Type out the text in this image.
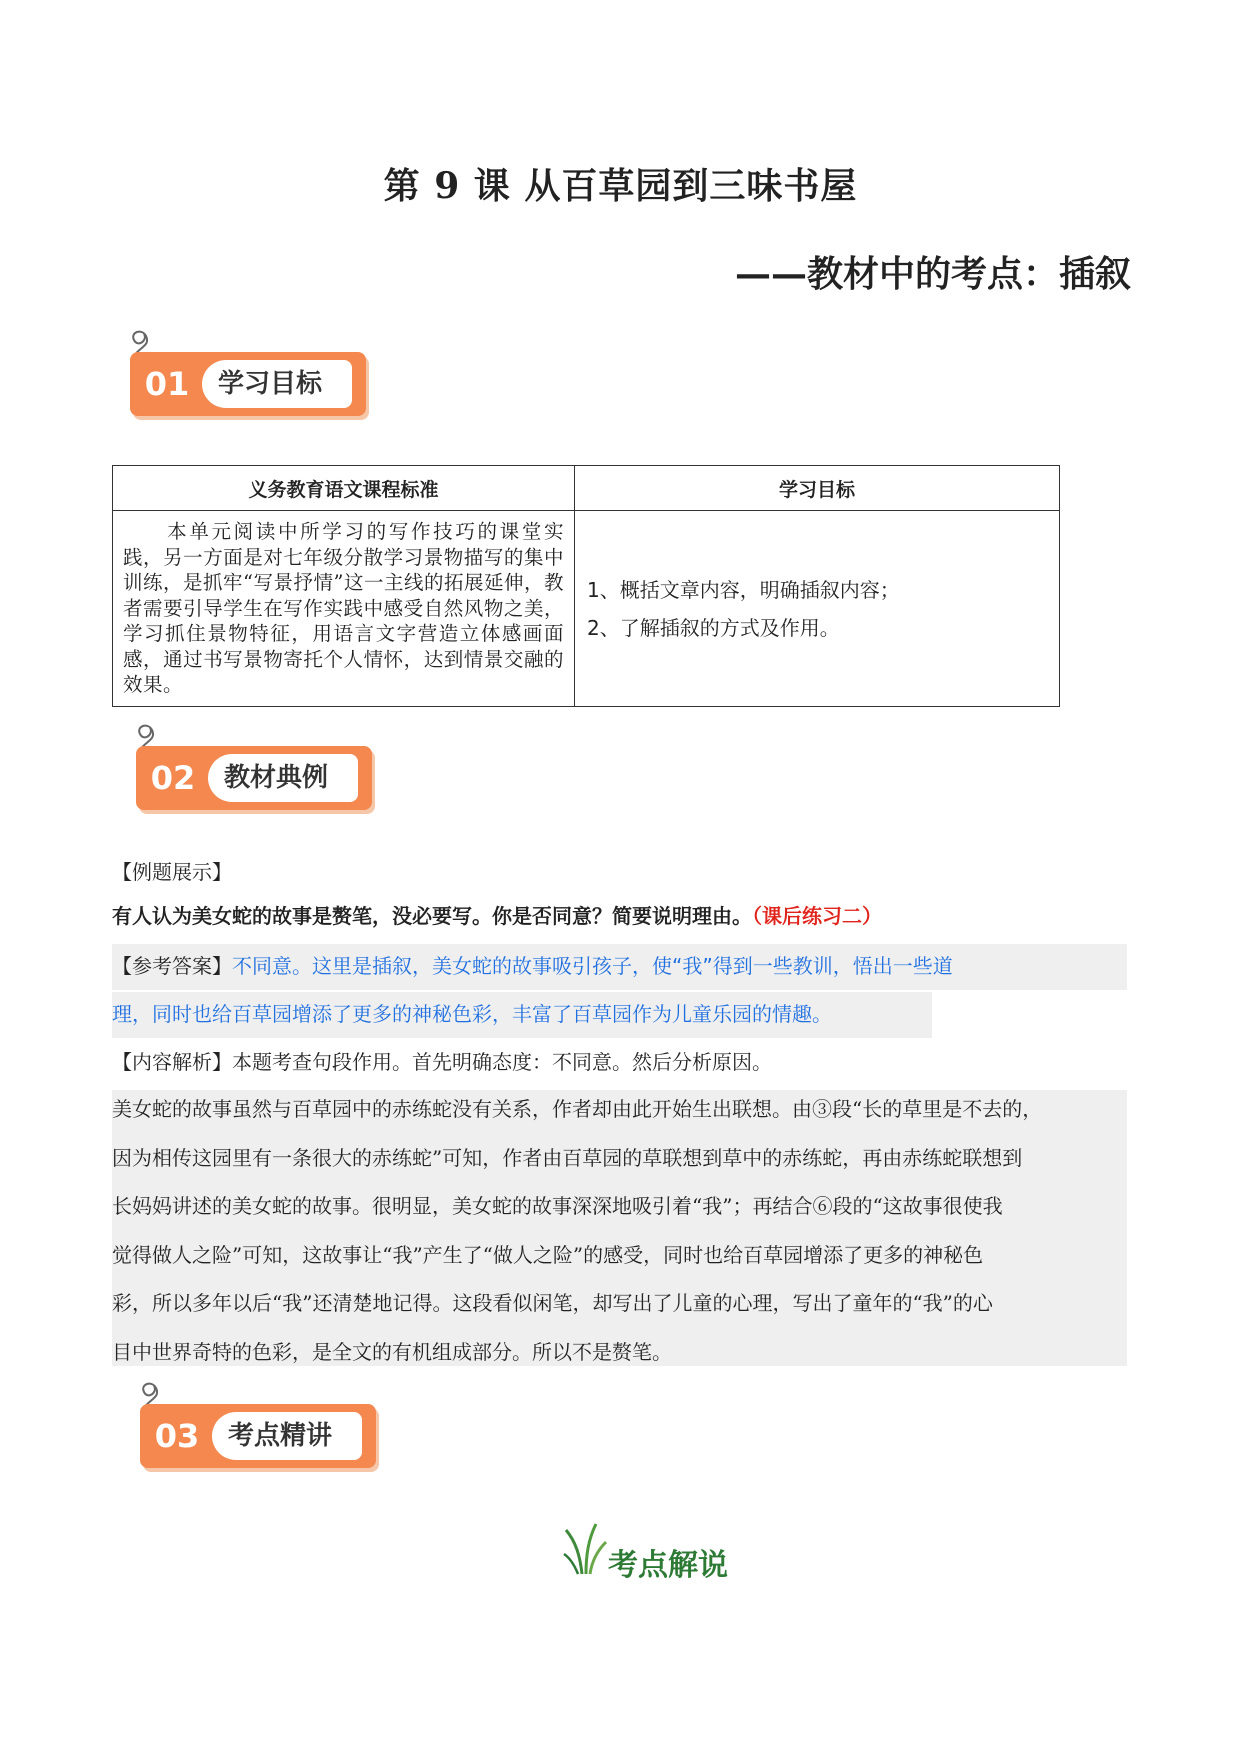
第 9 课 从百草园到三味书屋
——教材中的考点：插叙
01	学习目标
义务教育语文课程标准	学习目标
本单元阅读中所学习的写作技巧的课堂实践，另一方面是对七年级分散学习景物描写的集中训练，是抓牢“写景抒情”这一主线的拓展延伸，教者需要引导学生在写作实践中感受自然风物之美，学习抓住景物特征，用语言文字营造立体感画面感，通过书写景物寄托个人情怀，达到情景交融的效果。	1、概括文章内容，明确插叙内容；
2、了解插叙的方式及作用。
02	教材典例
【例题展示】
有人认为美女蛇的故事是赘笔，没必要写。你是否同意？简要说明理由。（课后练习二）
【参考答案】不同意。这里是插叙，美女蛇的故事吸引孩子，使“我”得到一些教训，悟出一些道
理，同时也给百草园增添了更多的神秘色彩，丰富了百草园作为儿童乐园的情趣。
【内容解析】本题考查句段作用。首先明确态度：不同意。然后分析原因。
美女蛇的故事虽然与百草园中的赤练蛇没有关系，作者却由此开始生出联想。由③段“长的草里是不去的，
因为相传这园里有一条很大的赤练蛇”可知，作者由百草园的草联想到草中的赤练蛇，再由赤练蛇联想到
长妈妈讲述的美女蛇的故事。很明显，美女蛇的故事深深地吸引着“我”；再结合⑥段的“这故事很使我
觉得做人之险”可知，这故事让“我”产生了“做人之险”的感受，同时也给百草园增添了更多的神秘色
彩，所以多年以后“我”还清楚地记得。这段看似闲笔，却写出了儿童的心理，写出了童年的“我”的心
目中世界奇特的色彩，是全文的有机组成部分。所以不是赘笔。
03	考点精讲
考点解说
